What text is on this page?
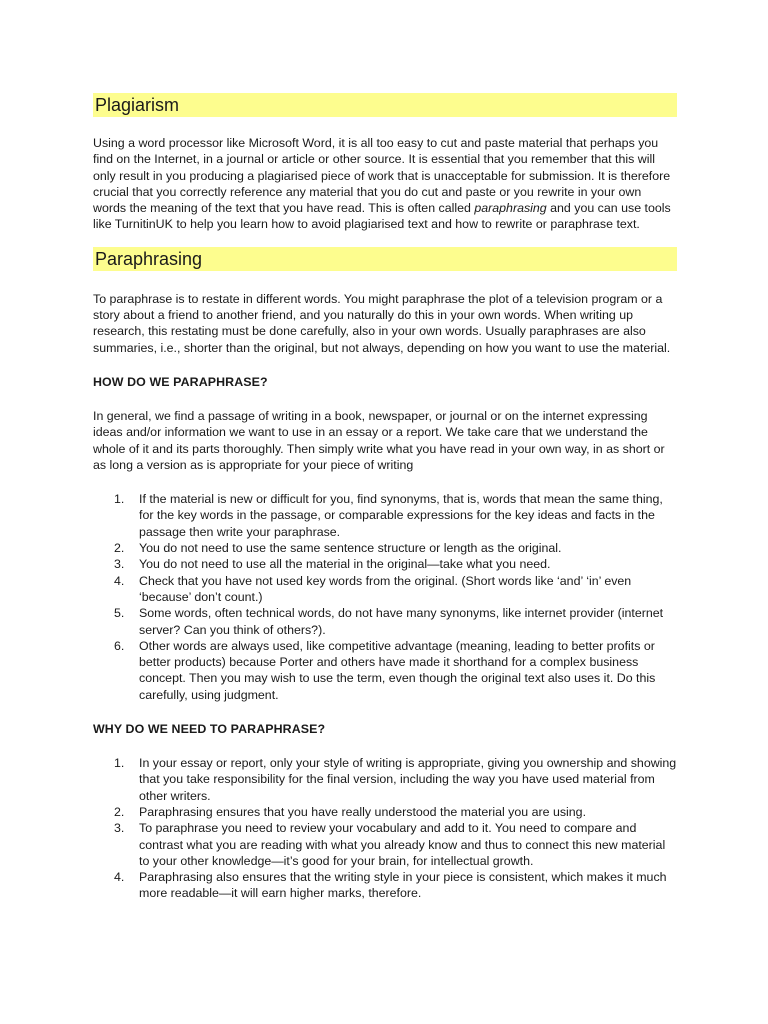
Plagiarism

Using a word processor like Microsoft Word, it is all too easy to cut and paste material that perhaps you find on the Internet, in a journal or article or other source. It is essential that you remember that this will only result in you producing a plagiarised piece of work that is unacceptable for submission. It is therefore crucial that you correctly reference any material that you do cut and paste or you rewrite in your own words the meaning of the text that you have read. This is often called paraphrasing and you can use tools like TurnitinUK to help you learn how to avoid plagiarised text and how to rewrite or paraphrase text.

Paraphrasing

To paraphrase is to restate in different words. You might paraphrase the plot of a television program or a story about a friend to another friend, and you naturally do this in your own words. When writing up research, this restating must be done carefully, also in your own words. Usually paraphrases are also summaries, i.e., shorter than the original, but not always, depending on how you want to use the material.

HOW DO WE PARAPHRASE?

In general, we find a passage of writing in a book, newspaper, or journal or on the internet expressing ideas and/or information we want to use in an essay or a report. We take care that we understand the whole of it and its parts thoroughly. Then simply write what you have read in your own way, in as short or as long a version as is appropriate for your piece of writing

1. If the material is new or difficult for you, find synonyms, that is, words that mean the same thing, for the key words in the passage, or comparable expressions for the key ideas and facts in the passage then write your paraphrase.
2. You do not need to use the same sentence structure or length as the original.
3. You do not need to use all the material in the original—take what you need.
4. Check that you have not used key words from the original. (Short words like ‘and’ ‘in’ even ‘because’ don’t count.)
5. Some words, often technical words, do not have many synonyms, like internet provider (internet server? Can you think of others?).
6. Other words are always used, like competitive advantage (meaning, leading to better profits or better products) because Porter and others have made it shorthand for a complex business concept. Then you may wish to use the term, even though the original text also uses it. Do this carefully, using judgment.
WHY DO WE NEED TO PARAPHRASE?
1. In your essay or report, only your style of writing is appropriate, giving you ownership and showing that you take responsibility for the final version, including the way you have used material from other writers.
2. Paraphrasing ensures that you have really understood the material you are using.
3. To paraphrase you need to review your vocabulary and add to it. You need to compare and contrast what you are reading with what you already know and thus to connect this new material to your other knowledge—it’s good for your brain, for intellectual growth.
4. Paraphrasing also ensures that the writing style in your piece is consistent, which makes it much more readable—it will earn higher marks, therefore.
